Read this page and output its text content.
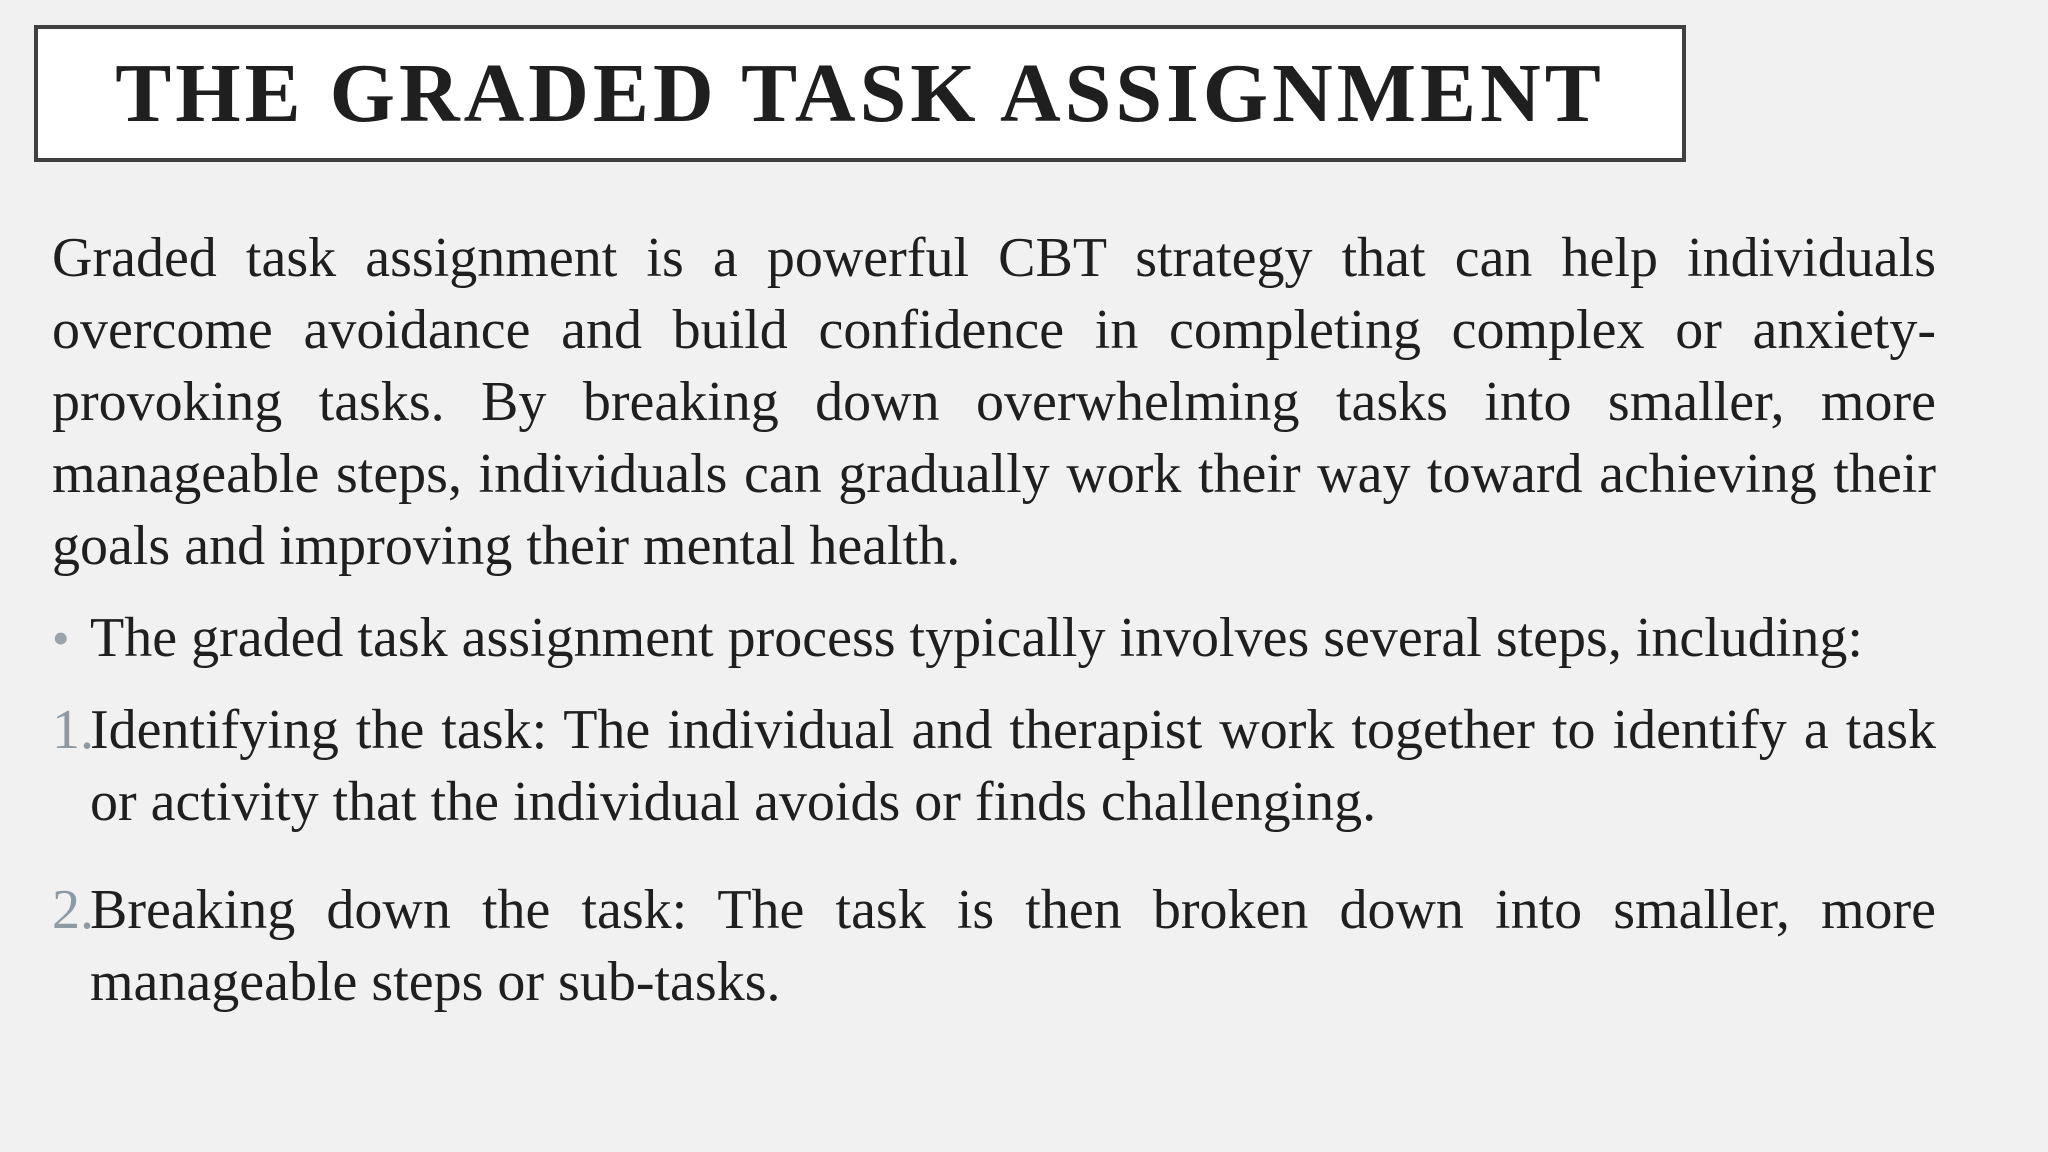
THE GRADED TASK ASSIGNMENT

Graded task assignment is a powerful CBT strategy that can help individuals overcome avoidance and build confidence in completing complex or anxiety-provoking tasks. By breaking down overwhelming tasks into smaller, more manageable steps, individuals can gradually work their way toward achieving their goals and improving their mental health.

• The graded task assignment process typically involves several steps, including:
1.
Identifying the task: The individual and therapist work together to identify a task or activity that the individual avoids or finds challenging.
2.
Breaking down the task: The task is then broken down into smaller, more manageable steps or sub-tasks.
